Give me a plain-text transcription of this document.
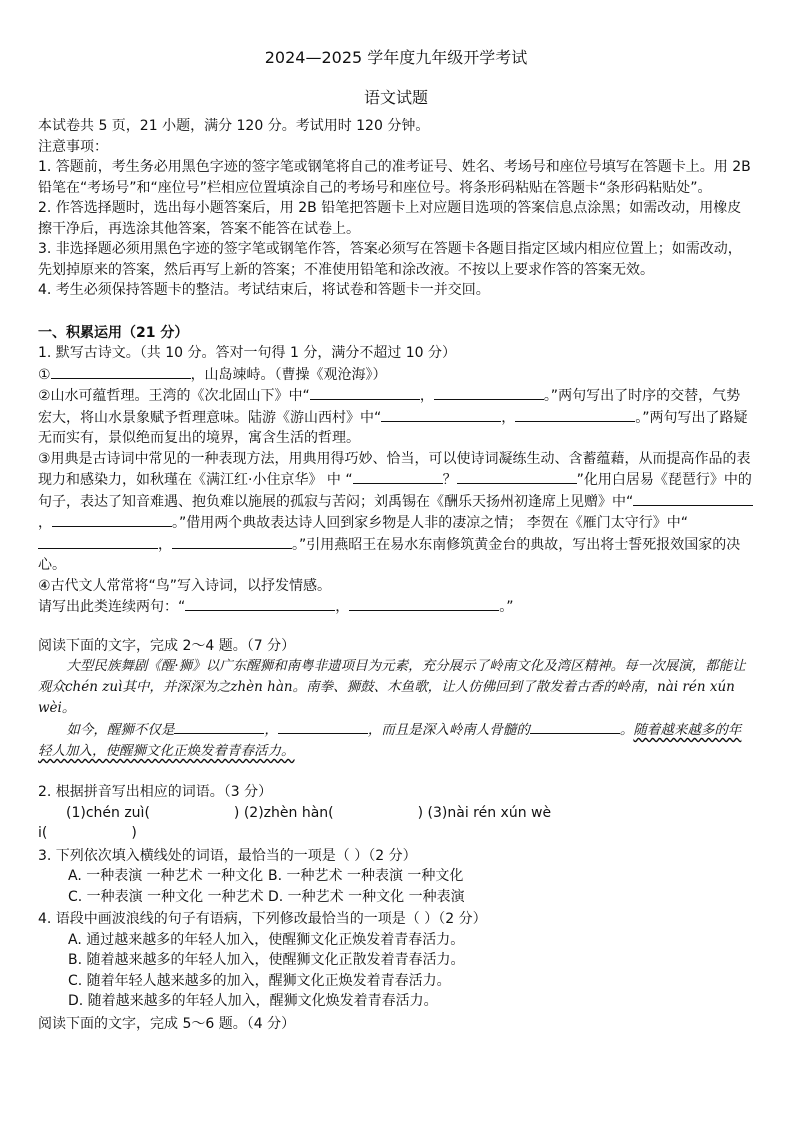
2024—2025 学年度九年级开学考试
语文试题

本试卷共 5 页，21 小题，满分 120 分。考试用时 120 分钟。

注意事项：

1. 答题前，考生务必用黑色字迹的签字笔或钢笔将自己的准考证号、姓名、考场号和座位号填写在答题卡上。用 2B 铅笔在“考场号”和“座位号”栏相应位置填涂自己的考场号和座位号。将条形码粘贴在答题卡“条形码粘贴处”。

2. 作答选择题时，选出每小题答案后，用 2B 铅笔把答题卡上对应题目选项的答案信息点涂黑；如需改动，用橡皮擦干净后，再选涂其他答案，答案不能答在试卷上。

3. 非选择题必须用黑色字迹的签字笔或钢笔作答，答案必须写在答题卡各题目指定区域内相应位置上；如需改动，先划掉原来的答案，然后再写上新的答案；不准使用铅笔和涂改液。不按以上要求作答的答案无效。

4. 考生必须保持答题卡的整洁。考试结束后，将试卷和答题卡一并交回。

一、积累运用（21 分）

1. 默写古诗文。（共 10 分。答对一句得 1 分，满分不超过 10 分）

①	，山岛竦峙。（曹操《观沧海》）

②山水可蕴哲理。王湾的《次北固山下》中“	，	。”两句写出了时序的交替，气势宏大，将山水景象赋予哲理意味。陆游《游山西村》中“	，	。”两句写出了路疑无而实有，景似绝而复出的境界，寓含生活的哲理。

③用典是古诗词中常见的一种表现方法，用典用得巧妙、恰当，可以使诗词凝练生动、含蓄蕴藉，从而提高作品的表现力和感染力，如秋瑾在《满江红·小住京华》 中 “	？	”化用白居易《琵琶行》中的句子，表达了知音难遇、抱负难以施展的孤寂与苦闷；刘禹锡在《酬乐天扬州初逢席上见赠》中“，	。”借用两个典故表达诗人回到家乡物是人非的凄凉之情； 李贺在《雁门太守行》中“，	。”引用燕昭王在易水东南修筑黄金台的典故，写出将士誓死报效国家的决心。

④古代文人常常将“鸟”写入诗词，以抒发情感。

请写出此类连续两句：“	，	。”

阅读下面的文字，完成 2～4 题。（7 分）

大型民族舞剧《醒·狮》以广东醒狮和南粤非遗项目为元素，充分展示了岭南文化及湾区精神。每一次展演，都能让观众chén zuì其中，并深深为之zhèn hàn。南拳、狮鼓、木鱼歌，让人仿佛回到了散发着古香的岭南，nài rén xún wèi。

如今，醒狮不仅是	，	，而且是深入岭南人骨髓的	。随着越来越多的年轻人加入，使醒狮文化正焕发着青春活力。

2. 根据拼音写出相应的词语。（3 分）

(1)chén zuì(	) (2)zhèn hàn(	) (3)nài rén xún wè

i(	)

3. 下列依次填入横线处的词语，最恰当的一项是（ ）（2 分）

A. 一种表演 一种艺术 一种文化 B. 一种艺术 一种表演 一种文化

C. 一种表演 一种文化 一种艺术 D. 一种艺术 一种文化 一种表演

4. 语段中画波浪线的句子有语病，下列修改最恰当的一项是（ ）（2 分）

A. 通过越来越多的年轻人加入，使醒狮文化正焕发着青春活力。

B. 随着越来越多的年轻人加入，使醒狮文化正散发着青春活力。

C. 随着年轻人越来越多的加入，醒狮文化正焕发着青春活力。

D. 随着越来越多的年轻人加入，醒狮文化焕发着青春活力。

阅读下面的文字，完成 5～6 题。（4 分）
